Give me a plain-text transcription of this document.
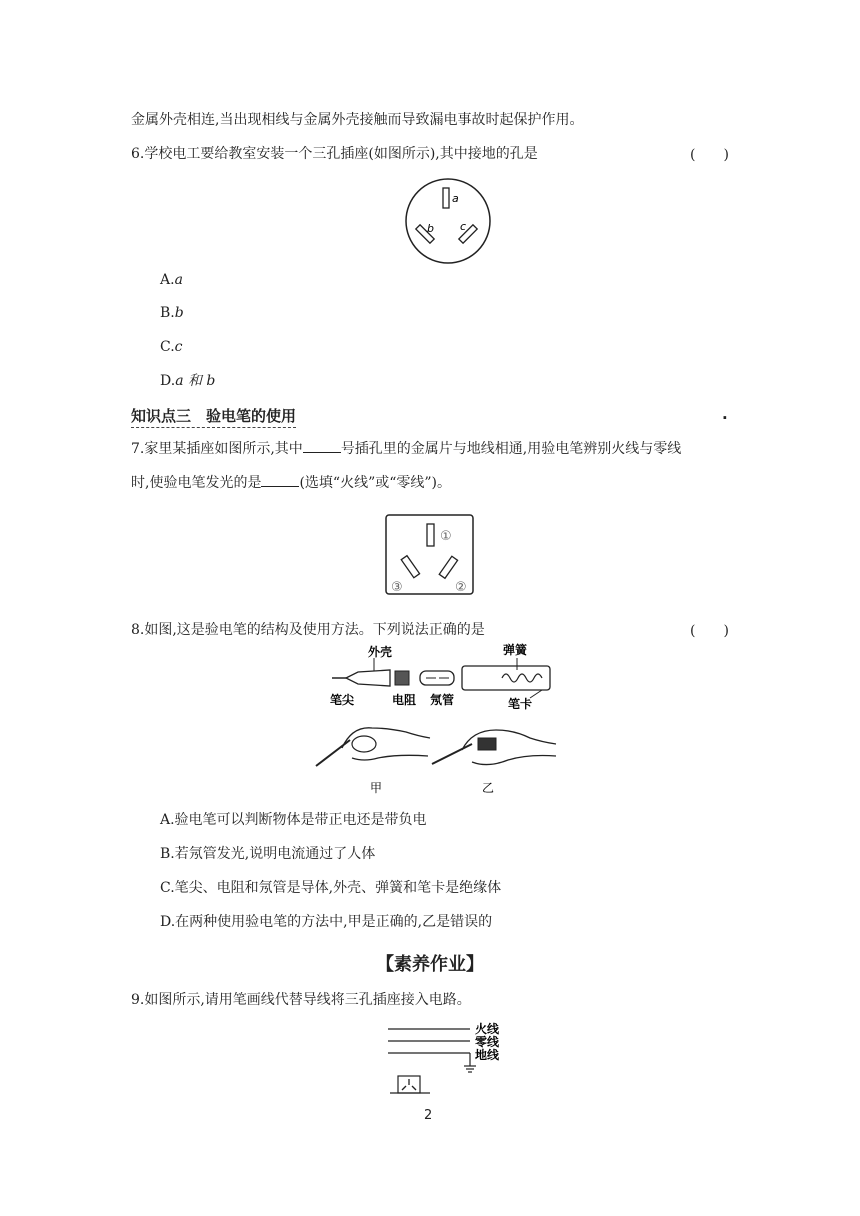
金属外壳相连,当出现相线与金属外壳接触而导致漏电事故时起保护作用。
6.学校电工要给教室安装一个三孔插座(如图所示),其中接地的孔是	(　　)
a
b c
A.a
B.b
C.c
D.a 和 b
知识点三　验电笔的使用	.
7.家里某插座如图所示,其中	号插孔里的金属片与地线相通,用验电笔辨别火线与零线
时,使验电笔发光的是	(选填“火线”或“零线”)。
①
②
③
8.如图,这是验电笔的结构及使用方法。下列说法正确的是	(　　)
外壳	弹簧
笔尖	电阻 氖管	笔卡
甲	乙
A.验电笔可以判断物体是带正电还是带负电
B.若氖管发光,说明电流通过了人体
C.笔尖、电阻和氖管是导体,外壳、弹簧和笔卡是绝缘体
D.在两种使用验电笔的方法中,甲是正确的,乙是错误的
【素养作业】
9.如图所示,请用笔画线代替导线将三孔插座接入电路。
火线
零线
地线
2
